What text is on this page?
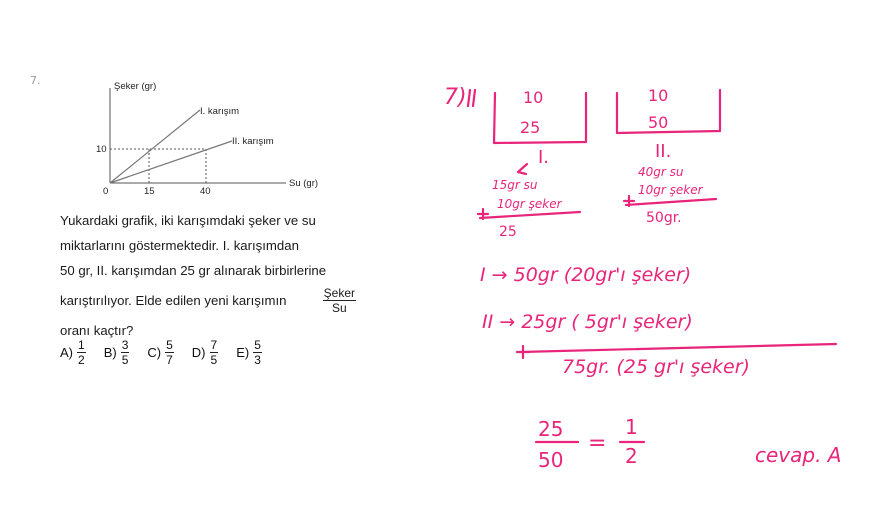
7.	Şeker (gr)
Su (gr)
I. karışım
II. karışım
10
0	15	40

Yukardaki grafik, iki karışımdaki şeker ve su

miktarlarını göstermektedir. I. karışımdan

50 gr, II. karışımdan 25 gr alınarak birbirlerine

karıştırılıyor. Elde edilen yeni karışımın	$\frac{\text{Şeker}}{Su}$

oranı kaçtır?

$A) \frac{1}{2} B) \frac{3}{5} C) \frac{5}{7} D) \frac{7}{5} E) \frac{5}{3}$
7)	10
25
I.
10
50
II.
15gr su
10gr şeker
25
40gr su
10gr şeker
50gr.
I → 50gr (20gr'ı şeker)
II → 25gr ( 5gr'ı şeker)
75gr. (25 gr'ı şeker)
25
50
=
1
2	cevap. A
